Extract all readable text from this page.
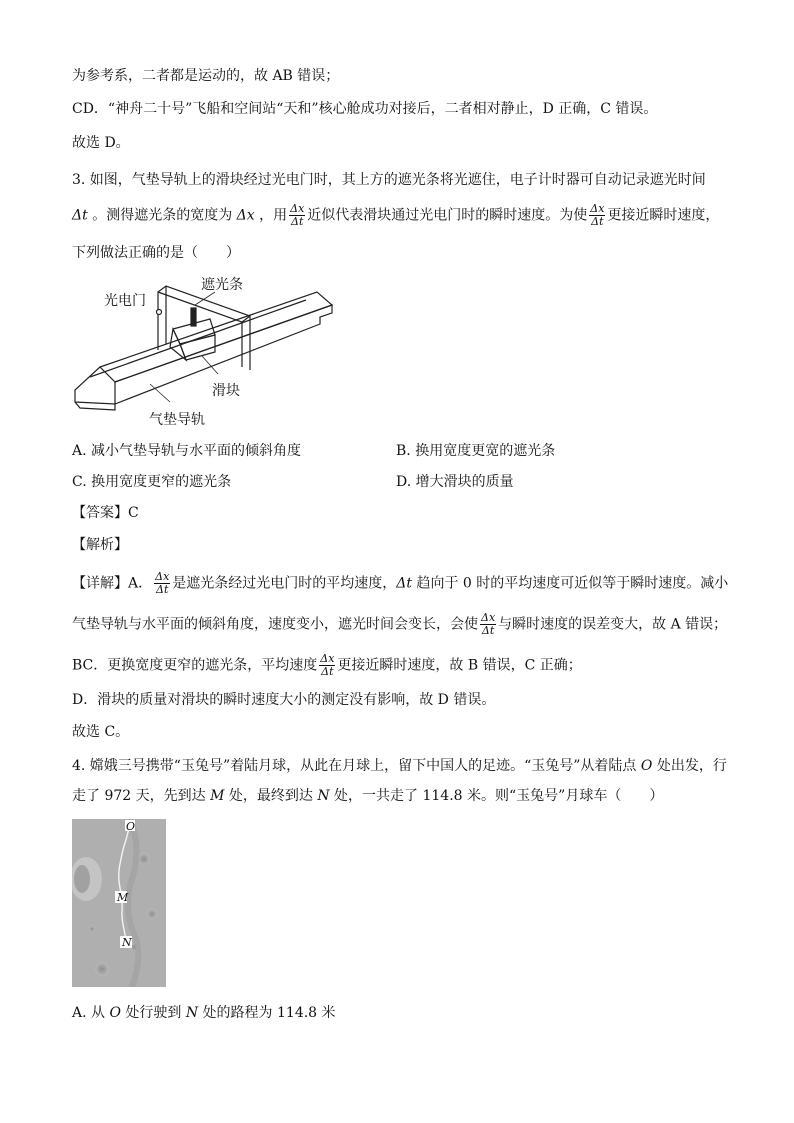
为参考系，二者都是运动的，故 AB 错误；
CD．“神舟二十号”飞船和空间站“天和”核心舱成功对接后，二者相对静止，D 正确，C 错误。
故选 D。
3. 如图，气垫导轨上的滑块经过光电门时，其上方的遮光条将光遮住，电子计时器可自动记录遮光时间
Δt 。测得遮光条的宽度为 Δx ，用 $\frac{\Delta x}{\Delta t}$ 近似代表滑块通过光电门时的瞬时速度。为使 $\frac{\Delta x}{\Delta t}$ 更接近瞬时速度，
下列做法正确的是（　　）
光电门
遮光条
滑块
气垫导轨
A. 减小气垫导轨与水平面的倾斜角度	B. 换用宽度更宽的遮光条
C. 换用宽度更窄的遮光条	D. 增大滑块的质量
【答案】C
【解析】
【详解】A． $\frac{\Delta x}{\Delta t}$ 是遮光条经过光电门时的平均速度，Δt 趋向于 0 时的平均速度可近似等于瞬时速度。减小
气垫导轨与水平面的倾斜角度，速度变小，遮光时间会变长，会使 $\frac{\Delta x}{\Delta t}$ 与瞬时速度的误差变大，故 A 错误；
BC．更换宽度更窄的遮光条，平均速度 $\frac{\Delta x}{\Delta t}$ 更接近瞬时速度，故 B 错误，C 正确；
D．滑块的质量对滑块的瞬时速度大小的测定没有影响，故 D 错误。
故选 C。
4. 嫦娥三号携带“玉兔号”着陆月球，从此在月球上，留下中国人的足迹。“玉兔号”从着陆点 O 处出发，行
走了 972 天，先到达 M 处，最终到达 N 处，一共走了 114.8 米。则“玉兔号”月球车（　　）
O
M
N
A. 从 O 处行驶到 N 处的路程为 114.8 米
